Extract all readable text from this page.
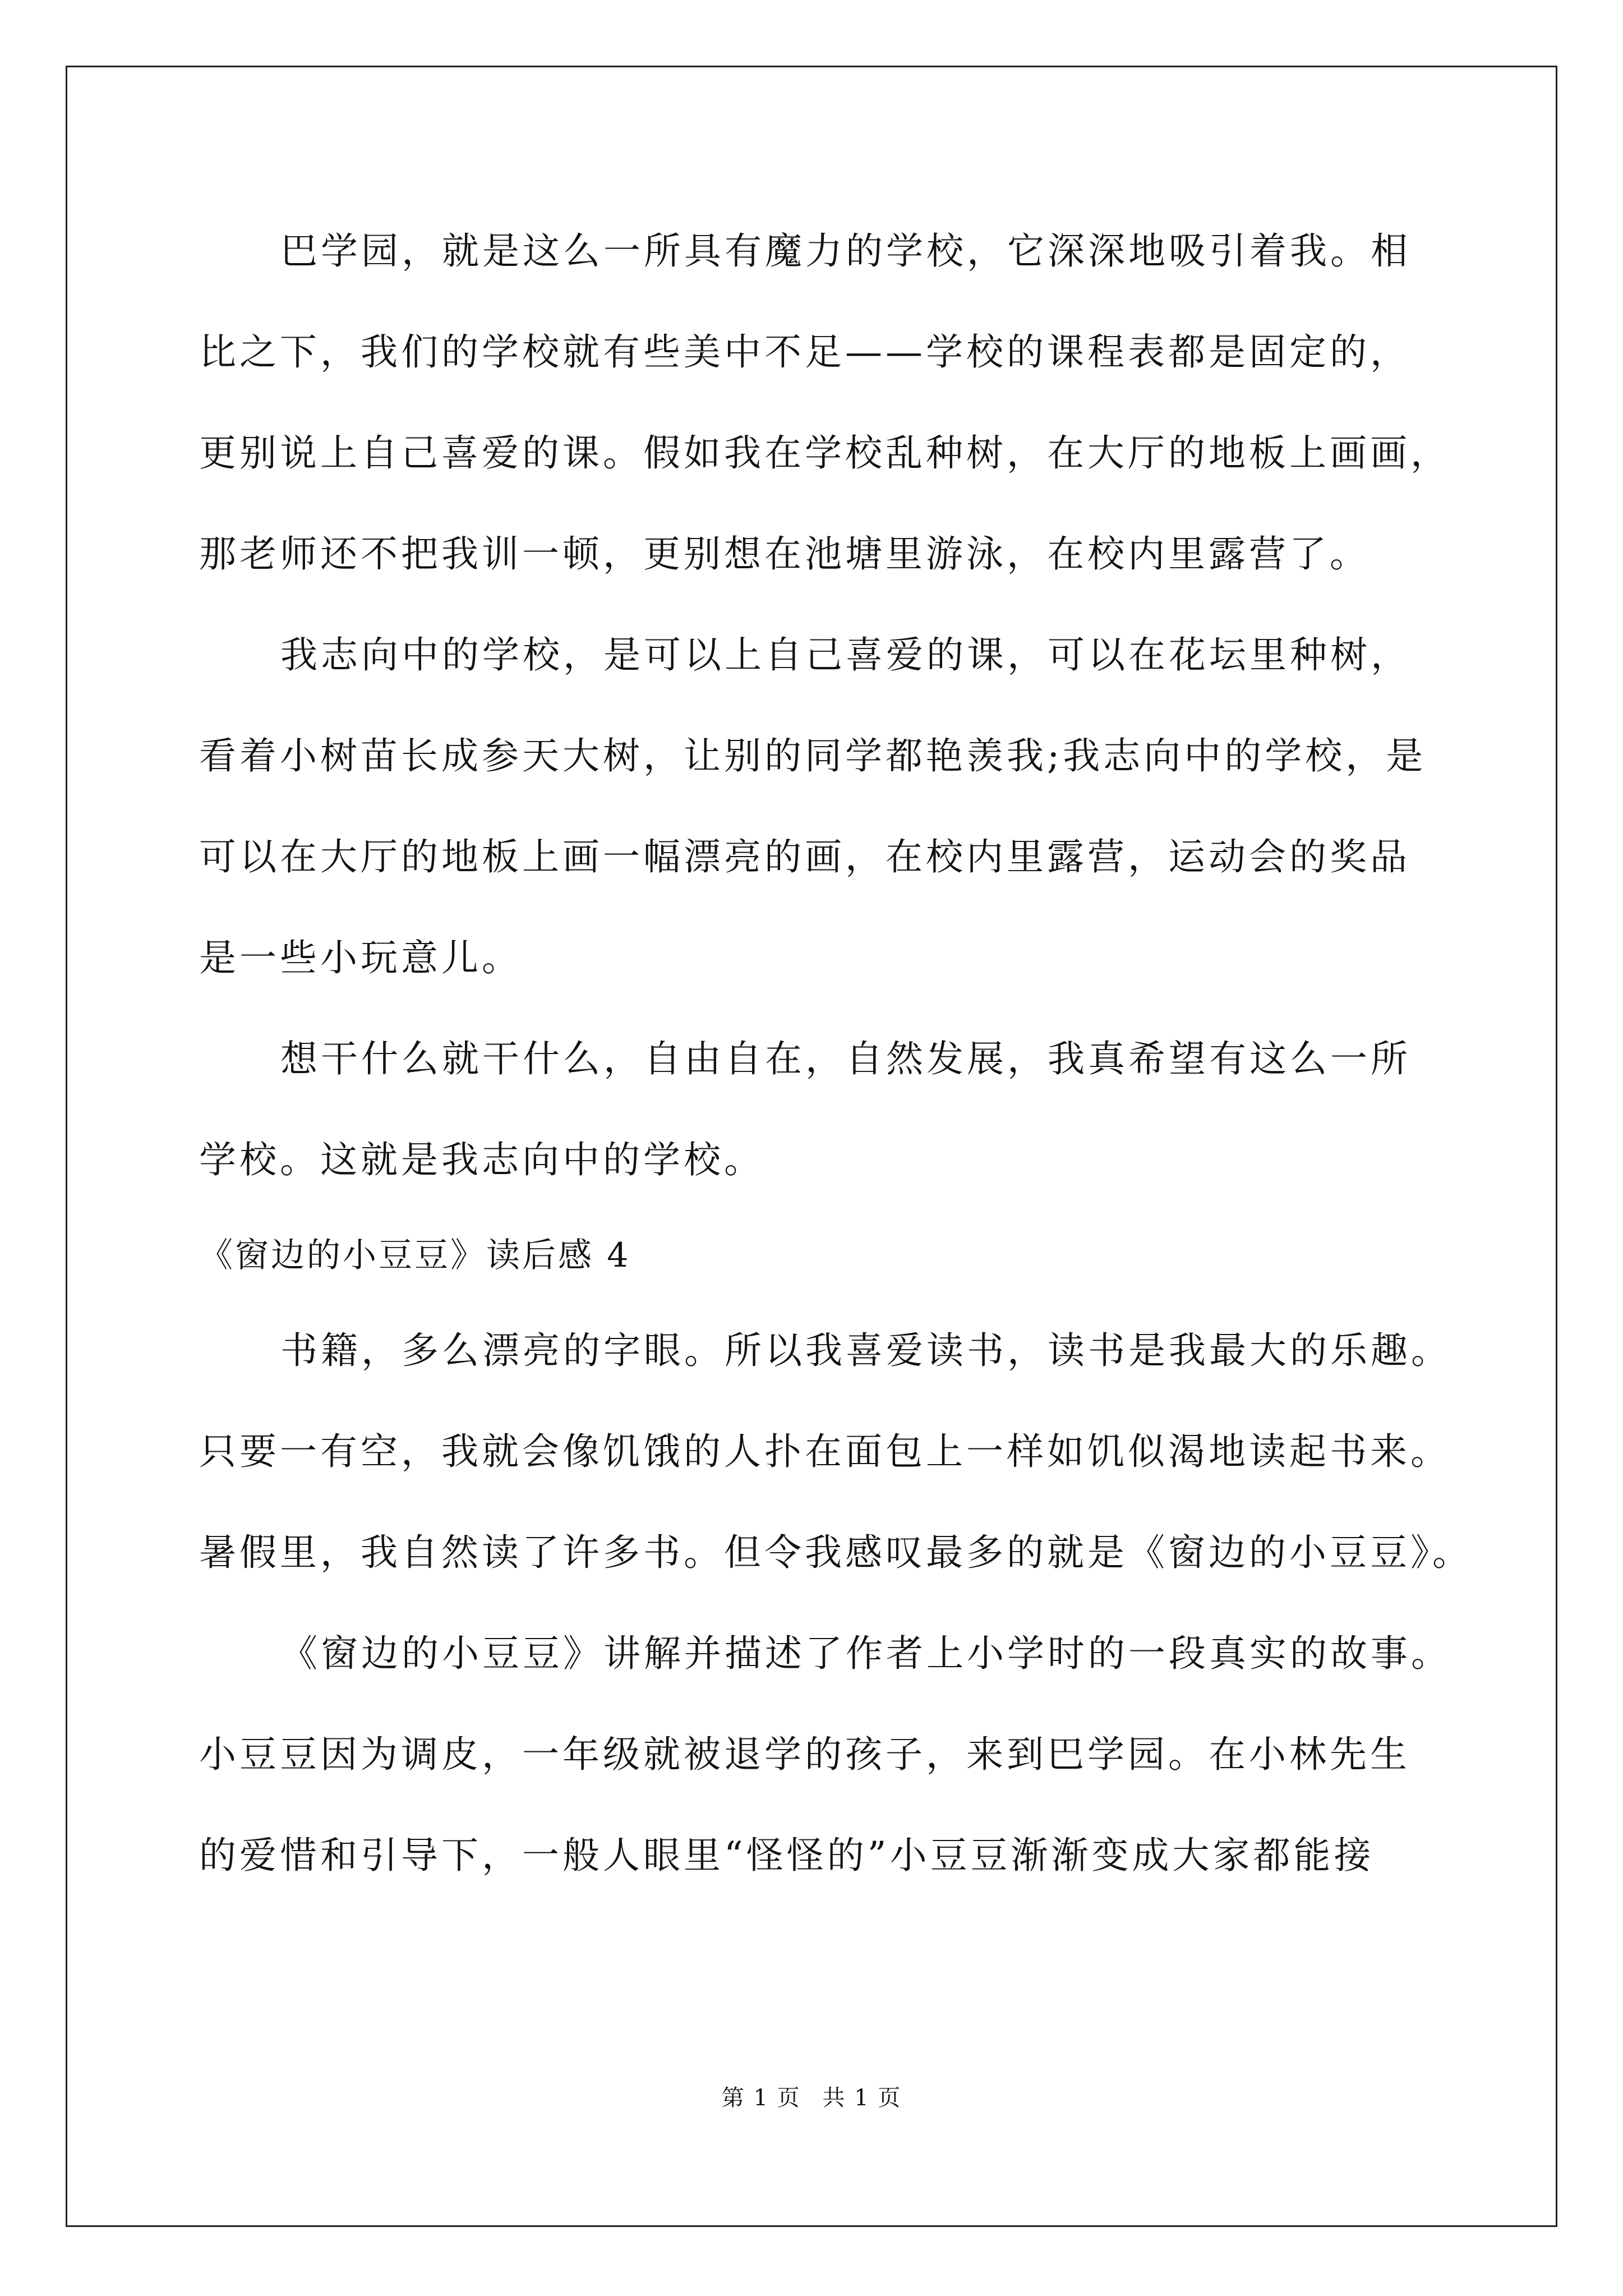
巴学园，就是这么一所具有魔力的学校，它深深地吸引着我。相
比之下，我们的学校就有些美中不足——学校的课程表都是固定的，
更别说上自己喜爱的课。假如我在学校乱种树，在大厅的地板上画画，
那老师还不把我训一顿，更别想在池塘里游泳，在校内里露营了。
我志向中的学校，是可以上自己喜爱的课，可以在花坛里种树，
看着小树苗长成参天大树，让别的同学都艳羡我;我志向中的学校，是
可以在大厅的地板上画一幅漂亮的画，在校内里露营，运动会的奖品
是一些小玩意儿。
想干什么就干什么，自由自在，自然发展，我真希望有这么一所
学校。这就是我志向中的学校。
《窗边的小豆豆》读后感 4
书籍，多么漂亮的字眼。所以我喜爱读书，读书是我最大的乐趣。
只要一有空，我就会像饥饿的人扑在面包上一样如饥似渴地读起书来。
暑假里，我自然读了许多书。但令我感叹最多的就是《窗边的小豆豆》。
《窗边的小豆豆》讲解并描述了作者上小学时的一段真实的故事。
小豆豆因为调皮，一年级就被退学的孩子，来到巴学园。在小林先生
的爱惜和引导下，一般人眼里“怪怪的”小豆豆渐渐变成大家都能接
第 1 页 共 1 页
